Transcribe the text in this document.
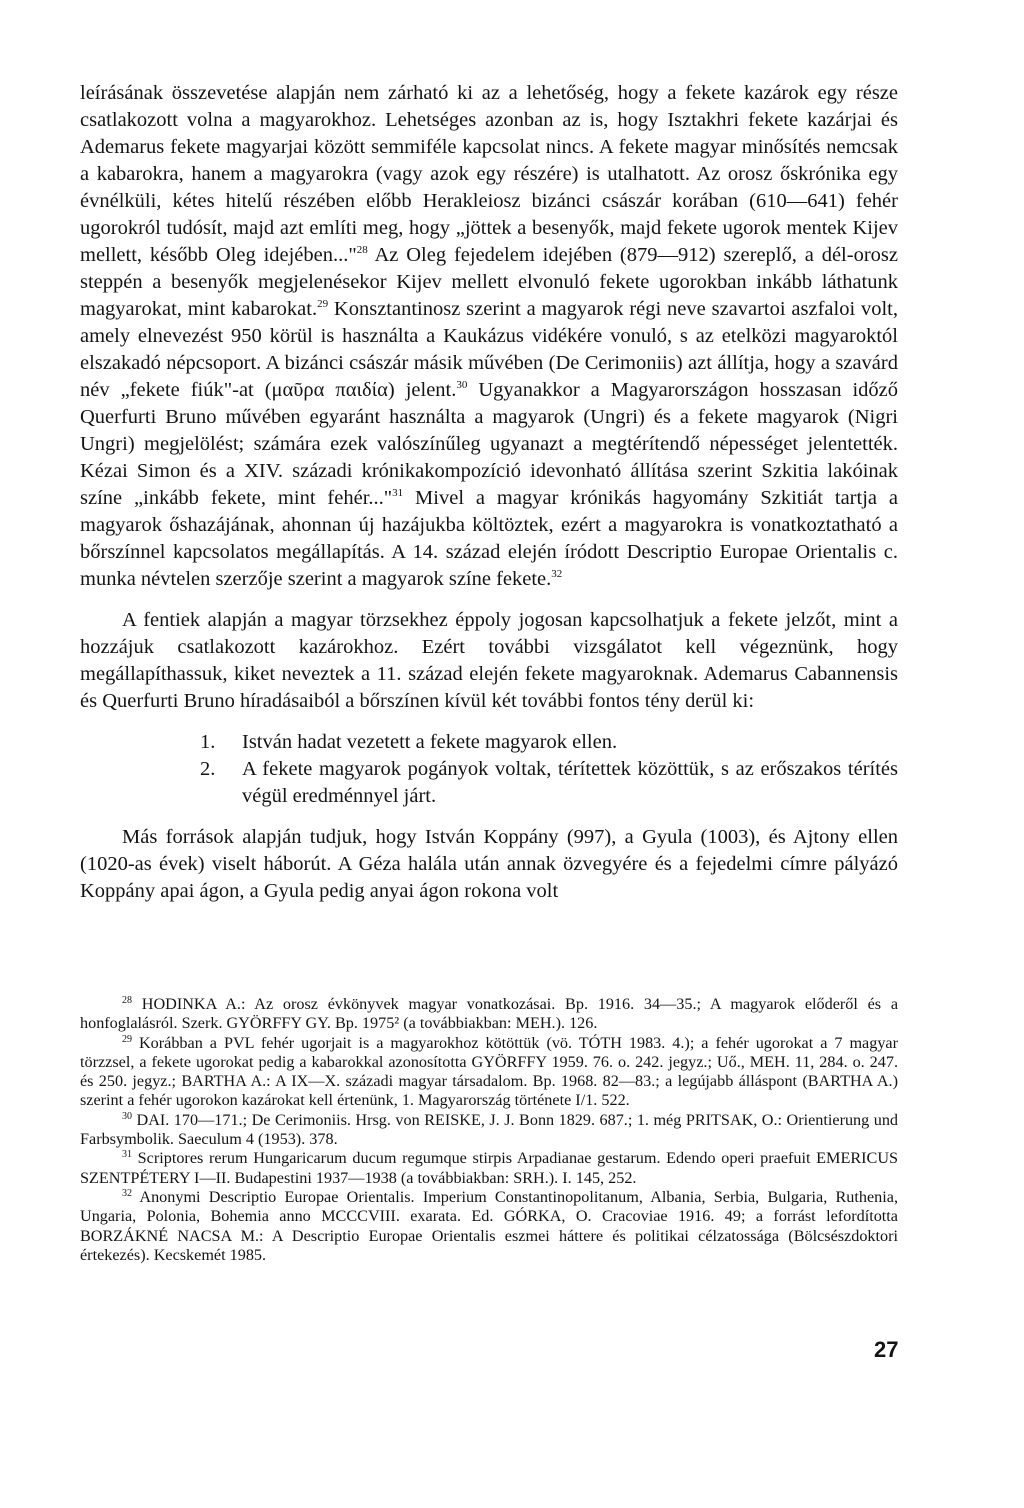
leírásának összevetése alapján nem zárható ki az a lehetőség, hogy a fekete kazárok egy része csatlakozott volna a magyarokhoz. Lehetséges azonban az is, hogy Isztakhri fekete kazárjai és Ademarus fekete magyarjai között semmiféle kapcsolat nincs. A fekete magyar minősítés nemcsak a kabarokra, hanem a magyarokra (vagy azok egy részére) is utalhatott. Az orosz őskrónika egy évnélküli, kétes hitelű részében előbb Herakleiosz bizánci császár korában (610—641) fehér ugorokról tudósít, majd azt említi meg, hogy „jöttek a besenyők, majd fekete ugorok mentek Kijev mellett, később Oleg idejében..."$^{28}$ Az Oleg fejedelem idejében (879—912) szereplő, a dél-orosz steppén a besenyők megjelenésekor Kijev mellett elvonuló fekete ugorokban inkább láthatunk magyarokat, mint kabarokat.$^{29}$ Konsztantinosz szerint a magyarok régi neve szavartoi aszfaloi volt, amely elnevezést 950 körül is használta a Kaukázus vidékére vonuló, s az etelközi magyaroktól elszakadó népcsoport. A bizánci császár másik művében (De Cerimoniis) azt állítja, hogy a szavárd név „fekete fiúk"-at (μαῦρα παιδία) jelent.$^{30}$ Ugyanakkor a Magyarországon hosszasan időző Querfurti Bruno művében egyaránt használta a magyarok (Ungri) és a fekete magyarok (Nigri Ungri) megjelölést; számára ezek valószínűleg ugyanazt a megtérítendő népességet jelentették. Kézai Simon és a XIV. századi krónikakompozíció idevonható állítása szerint Szkitia lakóinak színe „inkább fekete, mint fehér..."$^{31}$ Mivel a magyar krónikás hagyomány Szkitiát tartja a magyarok őshazájának, ahonnan új hazájukba költöztek, ezért a magyarokra is vonatkoztatható a bőrszínnel kapcsolatos megállapítás. A 14. század elején íródott Descriptio Europae Orientalis c. munka névtelen szerzője szerint a magyarok színe fekete.$^{32}$

A fentiek alapján a magyar törzsekhez éppoly jogosan kapcsolhatjuk a fekete jelzőt, mint a hozzájuk csatlakozott kazárokhoz. Ezért további vizsgálatot kell végeznünk, hogy megállapíthassuk, kiket neveztek a 11. század elején fekete magyaroknak. Ademarus Cabannensis és Querfurti Bruno híradásaiból a bőrszínen kívül két további fontos tény derül ki:

1.	István hadat vezetett a fekete magyarok ellen.
2.	A fekete magyarok pogányok voltak, térítettek közöttük, s az erőszakos térítés végül eredménnyel járt.

Más források alapján tudjuk, hogy István Koppány (997), a Gyula (1003), és Ajtony ellen (1020-as évek) viselt háborút. A Géza halála után annak özvegyére és a fejedelmi címre pályázó Koppány apai ágon, a Gyula pedig anyai ágon rokona volt

$^{28}$ HODINKA A.: Az orosz évkönyvek magyar vonatkozásai. Bp. 1916. 34—35.; A magyarok előderől és a honfoglalásról. Szerk. GYÖRFFY GY. Bp. 1975² (a továbbiakban: MEH.). 126.

$^{29}$ Korábban a PVL fehér ugorjait is a magyarokhoz kötöttük (vö. TÓTH 1983. 4.); a fehér ugorokat a 7 magyar törzzsel, a fekete ugorokat pedig a kabarokkal azonosította GYÖRFFY 1959. 76. o. 242. jegyz.; Uő., MEH. 11, 284. o. 247. és 250. jegyz.; BARTHA A.: A IX—X. századi magyar társadalom. Bp. 1968. 82—83.; a legújabb álláspont (BARTHA A.) szerint a fehér ugorokon kazárokat kell értenünk, 1. Magyarország története I/1. 522.

$^{30}$ DAI. 170—171.; De Cerimoniis. Hrsg. von REISKE, J. J. Bonn 1829. 687.; 1. még PRITSAK, O.: Orientierung und Farbsymbolik. Saeculum 4 (1953). 378.

$^{31}$ Scriptores rerum Hungaricarum ducum regumque stirpis Arpadianae gestarum. Edendo operi praefuit EMERICUS SZENTPÉTERY I—II. Budapestini 1937—1938 (a továbbiakban: SRH.). I. 145, 252.

$^{32}$ Anonymi Descriptio Europae Orientalis. Imperium Constantinopolitanum, Albania, Serbia, Bulgaria, Ruthenia, Ungaria, Polonia, Bohemia anno MCCCVIII. exarata. Ed. GÓRKA, O. Cracoviae 1916. 49; a forrást lefordította BORZÁKNÉ NACSA M.: A Descriptio Europae Orientalis eszmei háttere és politikai célzatossága (Bölcsészdoktori értekezés). Kecskemét 1985.

27
